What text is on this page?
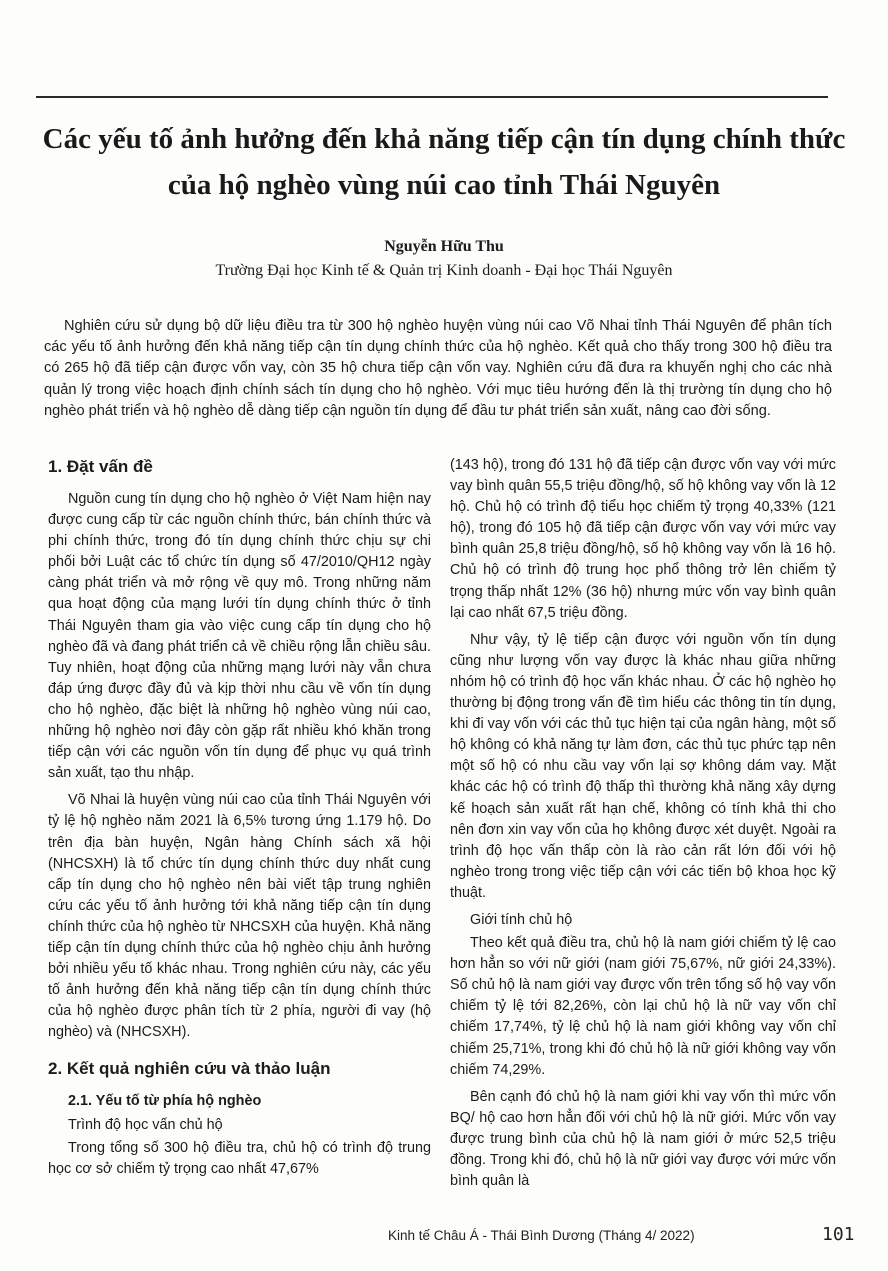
Các yếu tố ảnh hưởng đến khả năng tiếp cận tín dụng chính thức của hộ nghèo vùng núi cao tỉnh Thái Nguyên
Nguyễn Hữu Thu
Trường Đại học Kinh tế & Quản trị Kinh doanh - Đại học Thái Nguyên

Nghiên cứu sử dụng bộ dữ liệu điều tra từ 300 hộ nghèo huyện vùng núi cao Võ Nhai tỉnh Thái Nguyên để phân tích các yếu tố ảnh hưởng đến khả năng tiếp cận tín dụng chính thức của hộ nghèo. Kết quả cho thấy trong 300 hộ điều tra có 265 hộ đã tiếp cận được vốn vay, còn 35 hộ chưa tiếp cận vốn vay. Nghiên cứu đã đưa ra khuyến nghị cho các nhà quản lý trong việc hoạch định chính sách tín dụng cho hộ nghèo. Với mục tiêu hướng đến là thị trường tín dụng cho hộ nghèo phát triển và hộ nghèo dễ dàng tiếp cận nguồn tín dụng để đầu tư phát triển sản xuất, nâng cao đời sống.

1. Đặt vấn đề

Nguồn cung tín dụng cho hộ nghèo ở Việt Nam hiện nay được cung cấp từ các nguồn chính thức, bán chính thức và phi chính thức, trong đó tín dụng chính thức chịu sự chi phối bởi Luật các tổ chức tín dụng số 47/2010/QH12 ngày càng phát triển và mở rộng về quy mô. Trong những năm qua hoạt động của mạng lưới tín dụng chính thức ở tỉnh Thái Nguyên tham gia vào việc cung cấp tín dụng cho hộ nghèo đã và đang phát triển cả về chiều rộng lẫn chiều sâu. Tuy nhiên, hoạt động của những mạng lưới này vẫn chưa đáp ứng được đầy đủ và kịp thời nhu cầu về vốn tín dụng cho hộ nghèo, đặc biệt là những hộ nghèo vùng núi cao, những hộ nghèo nơi đây còn gặp rất nhiều khó khăn trong tiếp cận với các nguồn vốn tín dụng để phục vụ quá trình sản xuất, tạo thu nhập.

Võ Nhai là huyện vùng núi cao của tỉnh Thái Nguyên với tỷ lệ hộ nghèo năm 2021 là 6,5% tương ứng 1.179 hộ. Do trên địa bàn huyện, Ngân hàng Chính sách xã hội (NHCSXH) là tổ chức tín dụng chính thức duy nhất cung cấp tín dụng cho hộ nghèo nên bài viết tập trung nghiên cứu các yếu tố ảnh hưởng tới khả năng tiếp cận tín dụng chính thức của hộ nghèo từ NHCSXH của huyện. Khả năng tiếp cận tín dụng chính thức của hộ nghèo chịu ảnh hưởng bởi nhiều yếu tố khác nhau. Trong nghiên cứu này, các yếu tố ảnh hưởng đến khả năng tiếp cận tín dụng chính thức của hộ nghèo được phân tích từ 2 phía, người đi vay (hộ nghèo) và (NHCSXH).

2. Kết quả nghiên cứu và thảo luận
2.1. Yếu tố từ phía hộ nghèo
Trình độ học vấn chủ hộ

Trong tổng số 300 hộ điều tra, chủ hộ có trình độ trung học cơ sở chiếm tỷ trọng cao nhất 47,67%

(143 hộ), trong đó 131 hộ đã tiếp cận được vốn vay với mức vay bình quân 55,5 triệu đồng/hộ, số hộ không vay vốn là 12 hộ. Chủ hộ có trình độ tiểu học chiếm tỷ trọng 40,33% (121 hộ), trong đó 105 hộ đã tiếp cận được vốn vay với mức vay bình quân 25,8 triệu đồng/hộ, số hộ không vay vốn là 16 hộ. Chủ hộ có trình độ trung học phổ thông trở lên chiếm tỷ trọng thấp nhất 12% (36 hộ) nhưng mức vốn vay bình quân lại cao nhất 67,5 triệu đồng.

Như vậy, tỷ lệ tiếp cận được với nguồn vốn tín dụng cũng như lượng vốn vay được là khác nhau giữa những nhóm hộ có trình độ học vấn khác nhau. Ở các hộ nghèo họ thường bị động trong vấn đề tìm hiểu các thông tin tín dụng, khi đi vay vốn với các thủ tục hiện tại của ngân hàng, một số hộ không có khả năng tự làm đơn, các thủ tục phức tạp nên một số hộ có nhu cầu vay vốn lại sợ không dám vay. Mặt khác các hộ có trình độ thấp thì thường khả năng xây dựng kế hoạch sản xuất rất hạn chế, không có tính khả thi cho nên đơn xin vay vốn của họ không được xét duyệt. Ngoài ra trình độ học vấn thấp còn là rào cản rất lớn đối với hộ nghèo trong trong việc tiếp cận với các tiến bộ khoa học kỹ thuật.

Giới tính chủ hộ

Theo kết quả điều tra, chủ hộ là nam giới chiếm tỷ lệ cao hơn hẳn so với nữ giới (nam giới 75,67%, nữ giới 24,33%). Số chủ hộ là nam giới vay được vốn trên tổng số hộ vay vốn chiếm tỷ lệ tới 82,26%, còn lại chủ hộ là nữ vay vốn chỉ chiếm 17,74%, tỷ lệ chủ hộ là nam giới không vay vốn chỉ chiếm 25,71%, trong khi đó chủ hộ là nữ giới không vay vốn chiếm 74,29%.

Bên cạnh đó chủ hộ là nam giới khi vay vốn thì mức vốn BQ/ hộ cao hơn hẳn đối với chủ hộ là nữ giới. Mức vốn vay được trung bình của chủ hộ là nam giới ở mức 52,5 triệu đồng. Trong khi đó, chủ hộ là nữ giới vay được với mức vốn bình quân là

Kinh tế Châu Á - Thái Bình Dương (Tháng 4/ 2022)	101
